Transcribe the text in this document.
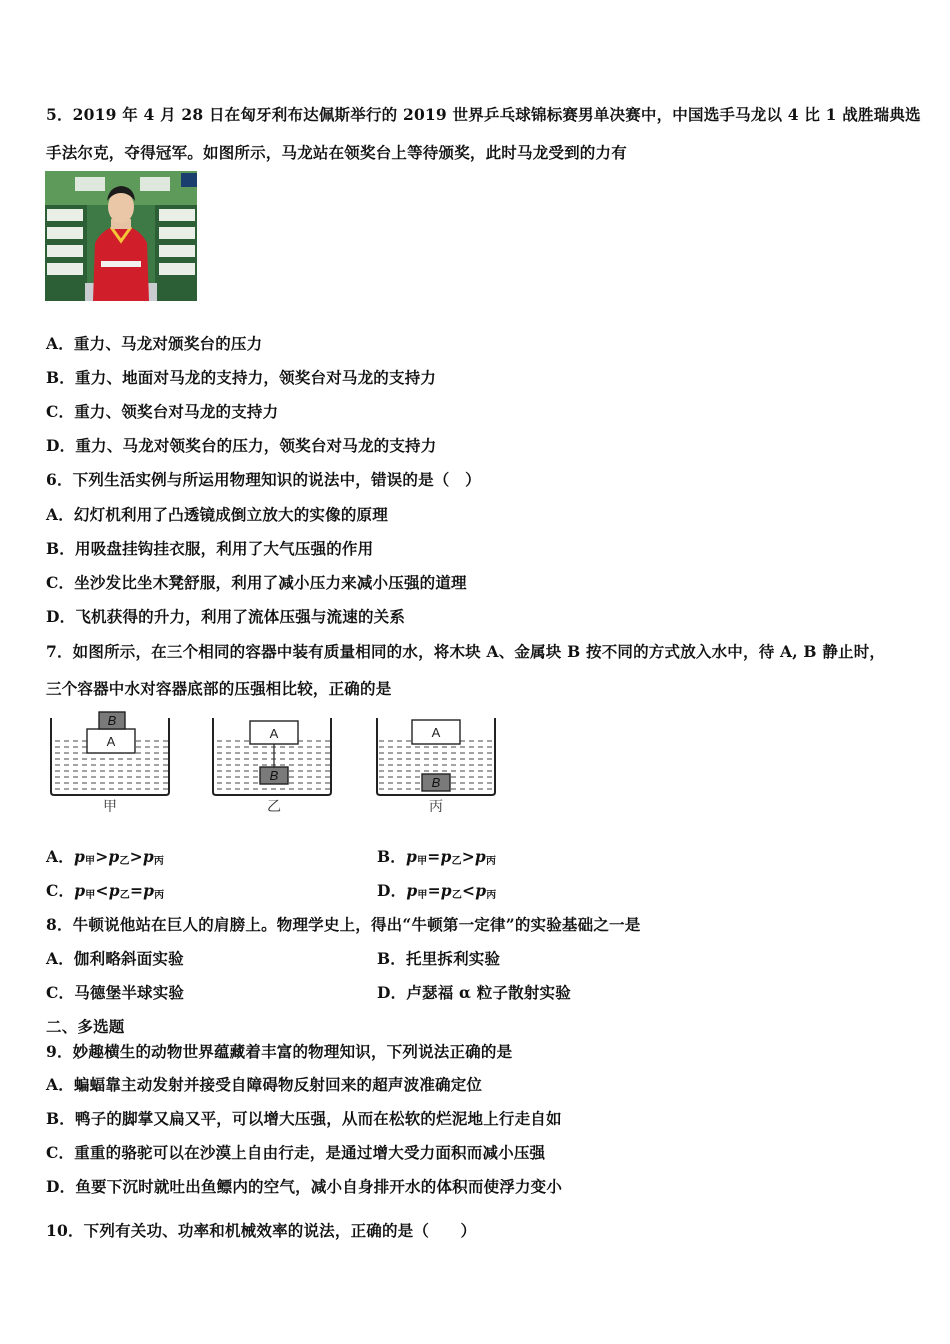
5．2019 年 4 月 28 日在匈牙利布达佩斯举行的 2019 世界乒乓球锦标赛男单决赛中，中国选手马龙以 4 比 1 战胜瑞典选
手法尔克，夺得冠军。如图所示，马龙站在领奖台上等待颁奖，此时马龙受到的力有
A．重力、马龙对颁奖台的压力
B．重力、地面对马龙的支持力，领奖台对马龙的支持力
C．重力、领奖台对马龙的支持力
D．重力、马龙对领奖台的压力，领奖台对马龙的支持力
6．下列生活实例与所运用物理知识的说法中，错误的是（　）
A．幻灯机利用了凸透镜成倒立放大的实像的原理
B．用吸盘挂钩挂衣服，利用了大气压强的作用
C．坐沙发比坐木凳舒服，利用了减小压力来减小压强的道理
D．飞机获得的升力，利用了流体压强与流速的关系
7．如图所示，在三个相同的容器中装有质量相同的水，将木块 A、金属块 B 按不同的方式放入水中，待 A, B 静止时，
三个容器中水对容器底部的压强相比较，正确的是
A
B
甲
A
B
乙
A
B
丙
A．$p_甲>p_乙>p_丙$	B．$p_甲=p_乙>p_丙$
C．$p_甲<p_乙=p_丙$	D．$p_甲=p_乙<p_丙$
8．牛顿说他站在巨人的肩膀上。物理学史上，得出“牛顿第一定律”的实验基础之一是
A．伽利略斜面实验	B．托里拆利实验
C．马德堡半球实验	D．卢瑟福 α 粒子散射实验
二、多选题
9．妙趣横生的动物世界蕴藏着丰富的物理知识，下列说法正确的是
A．蝙蝠靠主动发射并接受自障碍物反射回来的超声波准确定位
B．鸭子的脚掌又扁又平，可以增大压强，从而在松软的烂泥地上行走自如
C．重重的骆驼可以在沙漠上自由行走，是通过增大受力面积而减小压强
D．鱼要下沉时就吐出鱼鳔内的空气，减小自身排开水的体积而使浮力变小
10．下列有关功、功率和机械效率的说法，正确的是（　　）
